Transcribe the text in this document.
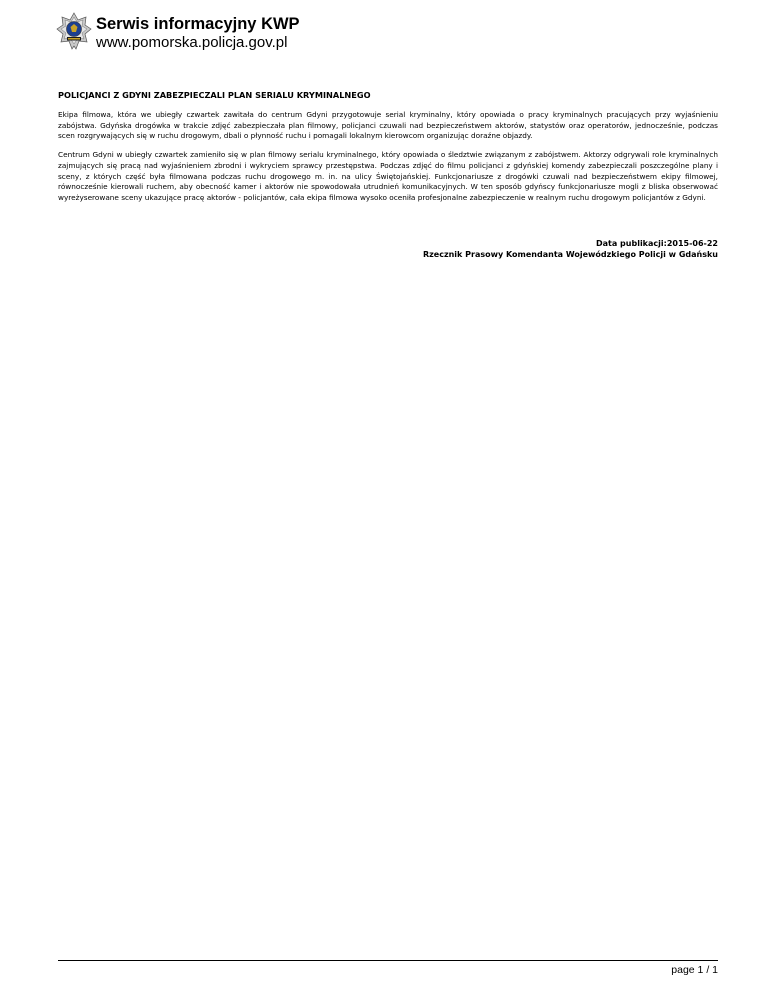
Serwis informacyjny KWP
www.pomorska.policja.gov.pl
POLICJANCI Z GDYNI ZABEZPIECZALI PLAN SERIALU KRYMINALNEGO

Ekipa filmowa, która we ubiegły czwartek zawitała do centrum Gdyni przygotowuje serial kryminalny, który opowiada o pracy kryminalnych pracujących przy wyjaśnieniu zabójstwa. Gdyńska drogówka w trakcie zdjęć zabezpieczała plan filmowy, policjanci czuwali nad bezpieczeństwem aktorów, statystów oraz operatorów, jednocześnie, podczas scen rozgrywających się w ruchu drogowym, dbali o płynność ruchu i pomagali lokalnym kierowcom organizując doraźne objazdy.

Centrum Gdyni w ubiegły czwartek zamieniło się w plan filmowy serialu kryminalnego, który opowiada o śledztwie związanym z zabójstwem. Aktorzy odgrywali role kryminalnych zajmujących się pracą nad wyjaśnieniem zbrodni i wykryciem sprawcy przestępstwa. Podczas zdjęć do filmu policjanci z gdyńskiej komendy zabezpieczali poszczególne plany i sceny, z których część była filmowana podczas ruchu drogowego m. in. na ulicy Świętojańskiej. Funkcjonariusze z drogówki czuwali nad bezpieczeństwem ekipy filmowej, równocześnie kierowali ruchem, aby obecność kamer i aktorów nie spowodowała utrudnień komunikacyjnych. W ten sposób gdyńscy funkcjonariusze mogli z bliska obserwować wyreżyserowane sceny ukazujące pracę aktorów - policjantów, cała ekipa filmowa wysoko oceniła profesjonalne zabezpieczenie w realnym ruchu drogowym policjantów z Gdyni.

Data publikacji:2015-06-22
Rzecznik Prasowy Komendanta Wojewódzkiego Policji w Gdańsku
page 1 / 1
